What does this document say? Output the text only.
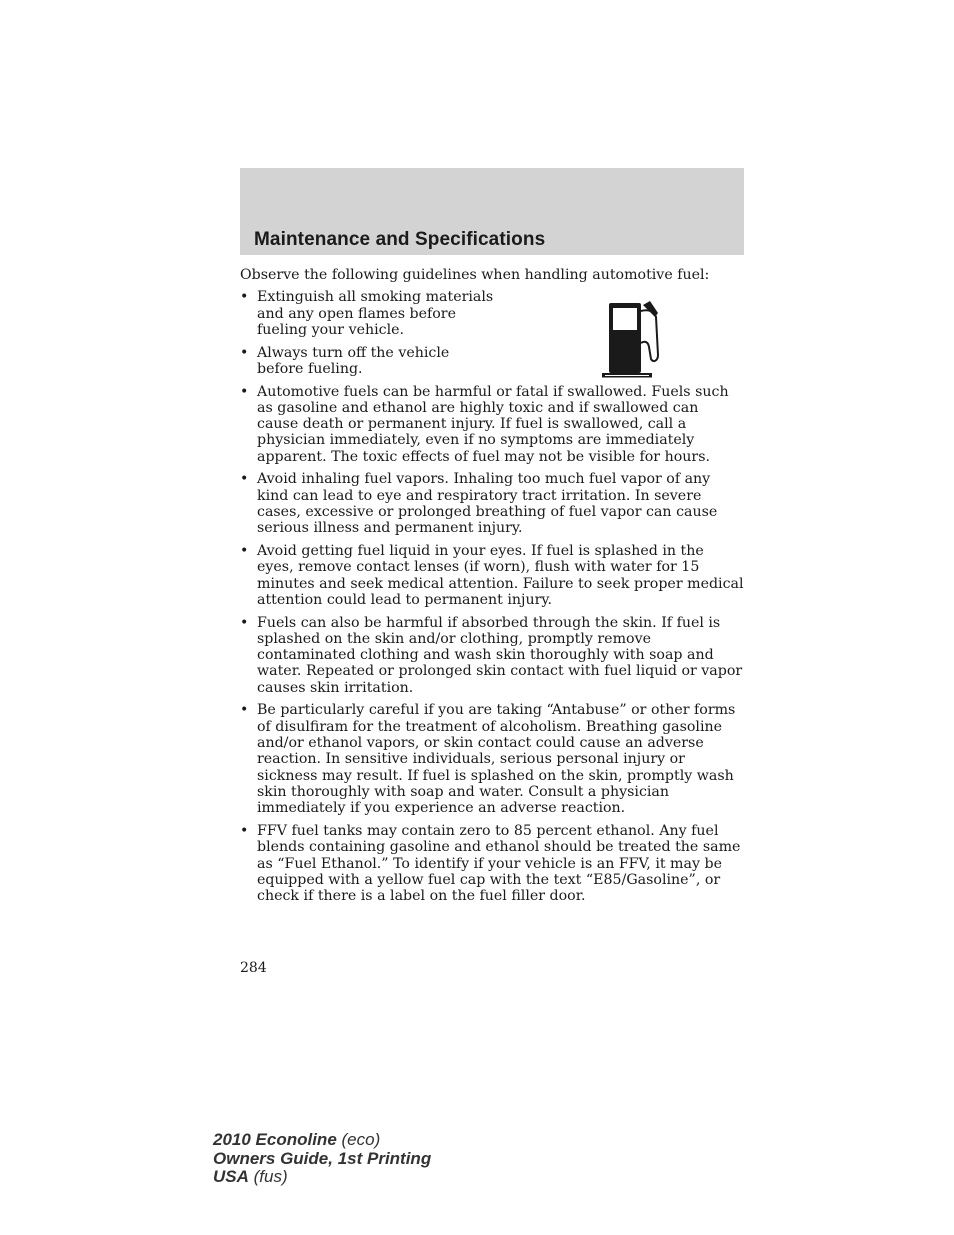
Maintenance and Specifications

Observe the following guidelines when handling automotive fuel:

• Extinguish all smoking materials and any open flames before fueling your vehicle.
• Always turn off the vehicle before fueling.
• Automotive fuels can be harmful or fatal if swallowed. Fuels such as gasoline and ethanol are highly toxic and if swallowed can cause death or permanent injury. If fuel is swallowed, call a physician immediately, even if no symptoms are immediately apparent. The toxic effects of fuel may not be visible for hours.
• Avoid inhaling fuel vapors. Inhaling too much fuel vapor of any kind can lead to eye and respiratory tract irritation. In severe cases, excessive or prolonged breathing of fuel vapor can cause serious illness and permanent injury.
• Avoid getting fuel liquid in your eyes. If fuel is splashed in the eyes, remove contact lenses (if worn), flush with water for 15 minutes and seek medical attention. Failure to seek proper medical attention could lead to permanent injury.
• Fuels can also be harmful if absorbed through the skin. If fuel is splashed on the skin and/or clothing, promptly remove contaminated clothing and wash skin thoroughly with soap and water. Repeated or prolonged skin contact with fuel liquid or vapor causes skin irritation.
• Be particularly careful if you are taking “Antabuse” or other forms of disulfiram for the treatment of alcoholism. Breathing gasoline and/or ethanol vapors, or skin contact could cause an adverse reaction. In sensitive individuals, serious personal injury or sickness may result. If fuel is splashed on the skin, promptly wash skin thoroughly with soap and water. Consult a physician immediately if you experience an adverse reaction.
• FFV fuel tanks may contain zero to 85 percent ethanol. Any fuel blends containing gasoline and ethanol should be treated the same as “Fuel Ethanol.” To identify if your vehicle is an FFV, it may be equipped with a yellow fuel cap with the text “E85/Gasoline”, or check if there is a label on the fuel filler door.
284
2010 Econoline (eco)
Owners Guide, 1st Printing
USA (fus)
